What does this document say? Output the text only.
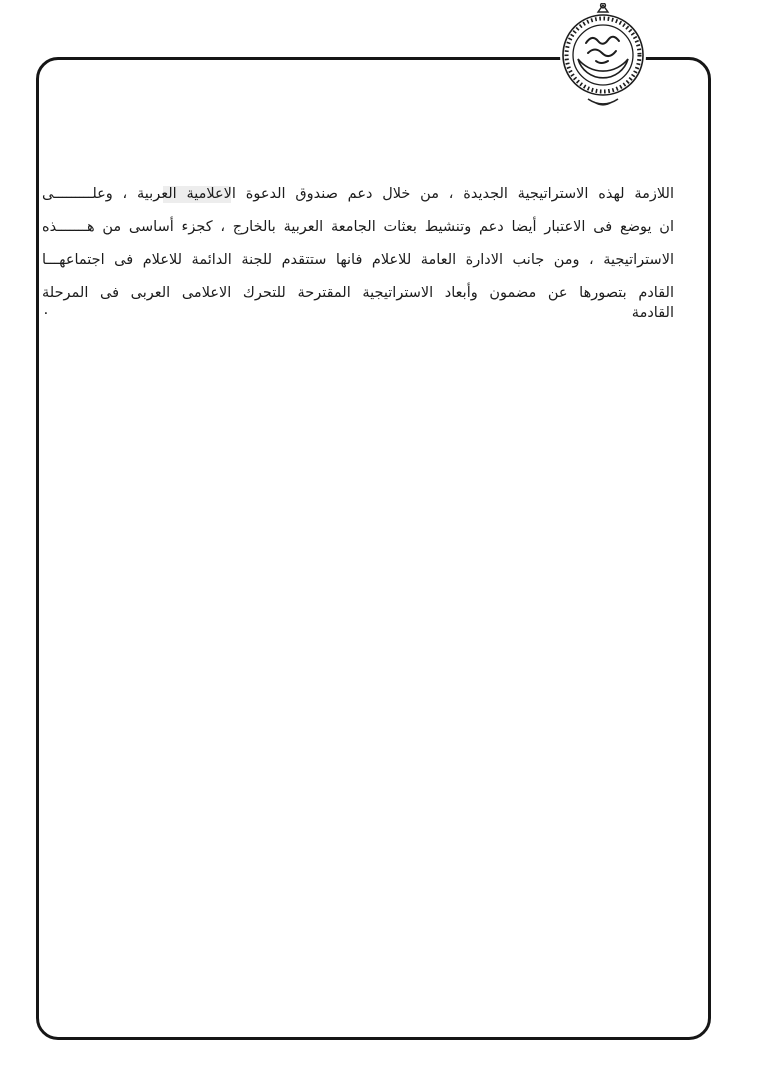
اللازمة لهذه الاستراتيجية الجديدة ، من خلال دعم صندوق الدعوة الاعلامية العربية ، وعلـــــــــى

ان يوضع فى الاعتبار أيضا دعم وتنشيط بعثات الجامعة العربية بالخارج ، كجزء أساسى من هـــــــذه

الاستراتيجية ، ومن جانب الادارة العامة للاعلام فانها ستتقدم للجنة الدائمة للاعلام فى اجتماعهـــا

القادم بتصورها عن مضمون وأبعاد الاستراتيجية المقترحة للتحرك الاعلامى العربى فى المرحلة القادمة ٠
